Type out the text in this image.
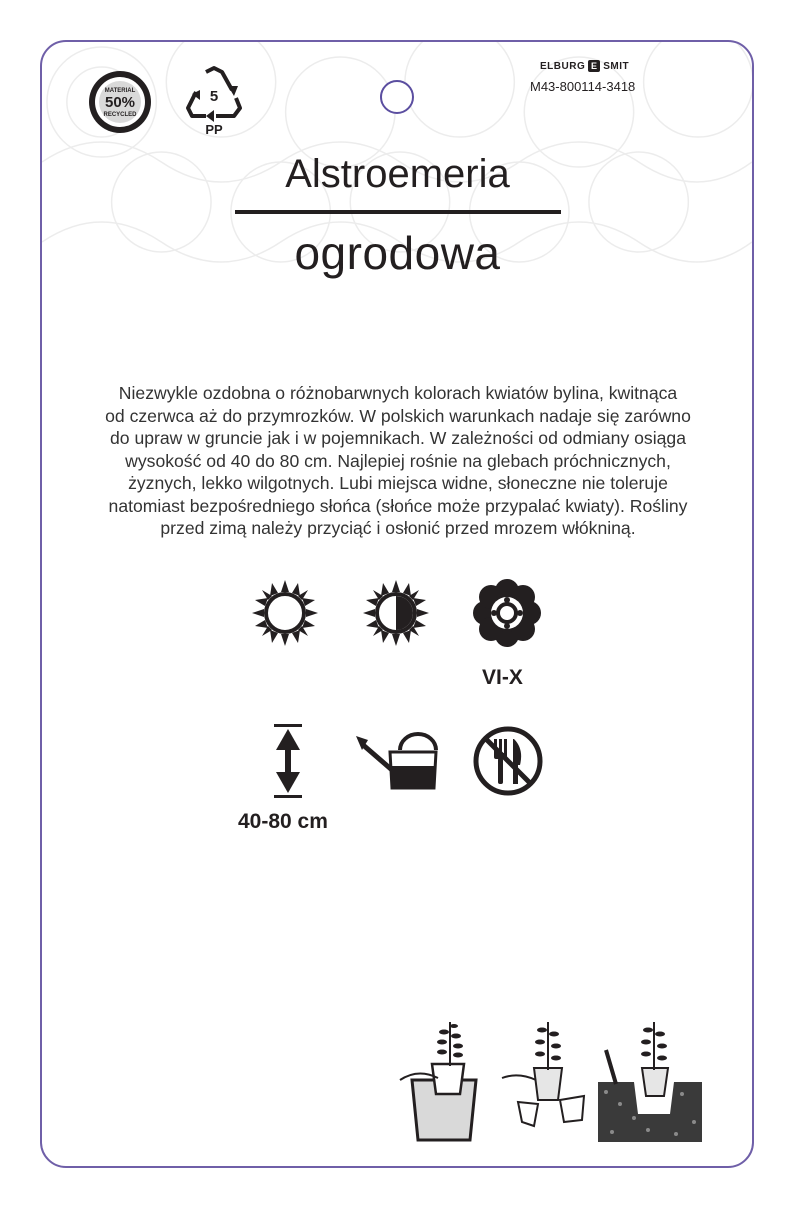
MATERIAL
50%
RECYCLED
5
PP
ELBURG E SMIT
M43-800114-3418
Alstroemeria
ogrodowa
Niezwykle ozdobna o różnobarwnych kolorach kwiatów bylina, kwitnąca
od czerwca aż do przymrozków. W polskich warunkach nadaje się zarówno
do upraw w gruncie jak i w pojemnikach. W zależności od odmiany osiąga
wysokość od 40 do 80 cm. Najlepiej rośnie na glebach próchnicznych,
żyznych, lekko wilgotnych. Lubi miejsca widne, słoneczne nie toleruje
natomiast bezpośredniego słońca (słońce może przypalać kwiaty). Rośliny
przed zimą należy przyciąć i osłonić przed mrozem włókniną.
VI-X
40-80 cm
